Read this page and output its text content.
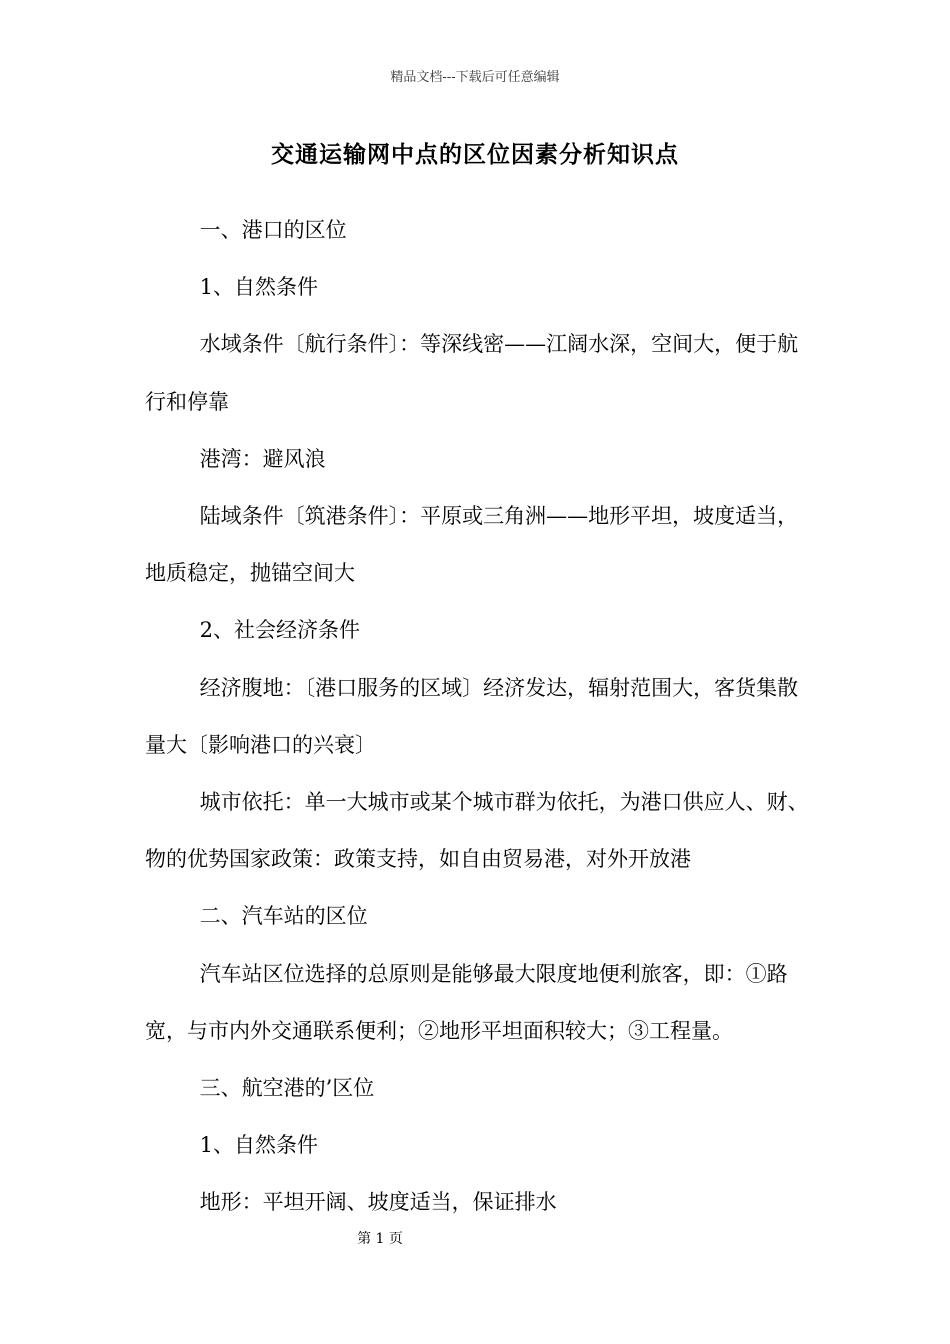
精品文档---下载后可任意编辑
交通运输网中点的区位因素分析知识点

一、港口的区位

1、自然条件

水域条件〔航行条件〕：等深线密——江阔水深，空间大，便于航行和停靠

港湾：避风浪

陆域条件〔筑港条件〕：平原或三角洲——地形平坦，坡度适当，地质稳定，抛锚空间大

2、社会经济条件

经济腹地：〔港口服务的区域〕经济发达，辐射范围大，客货集散量大〔影响港口的兴衰〕

城市依托：单一大城市或某个城市群为依托，为港口供应人、财、物的优势国家政策：政策支持，如自由贸易港，对外开放港

二、汽车站的区位

汽车站区位选择的总原则是能够最大限度地便利旅客，即：①路宽，与市内外交通联系便利；②地形平坦面积较大；③工程量。

三、航空港的’区位

1、自然条件

地形：平坦开阔、坡度适当，保证排水

第 1 页
